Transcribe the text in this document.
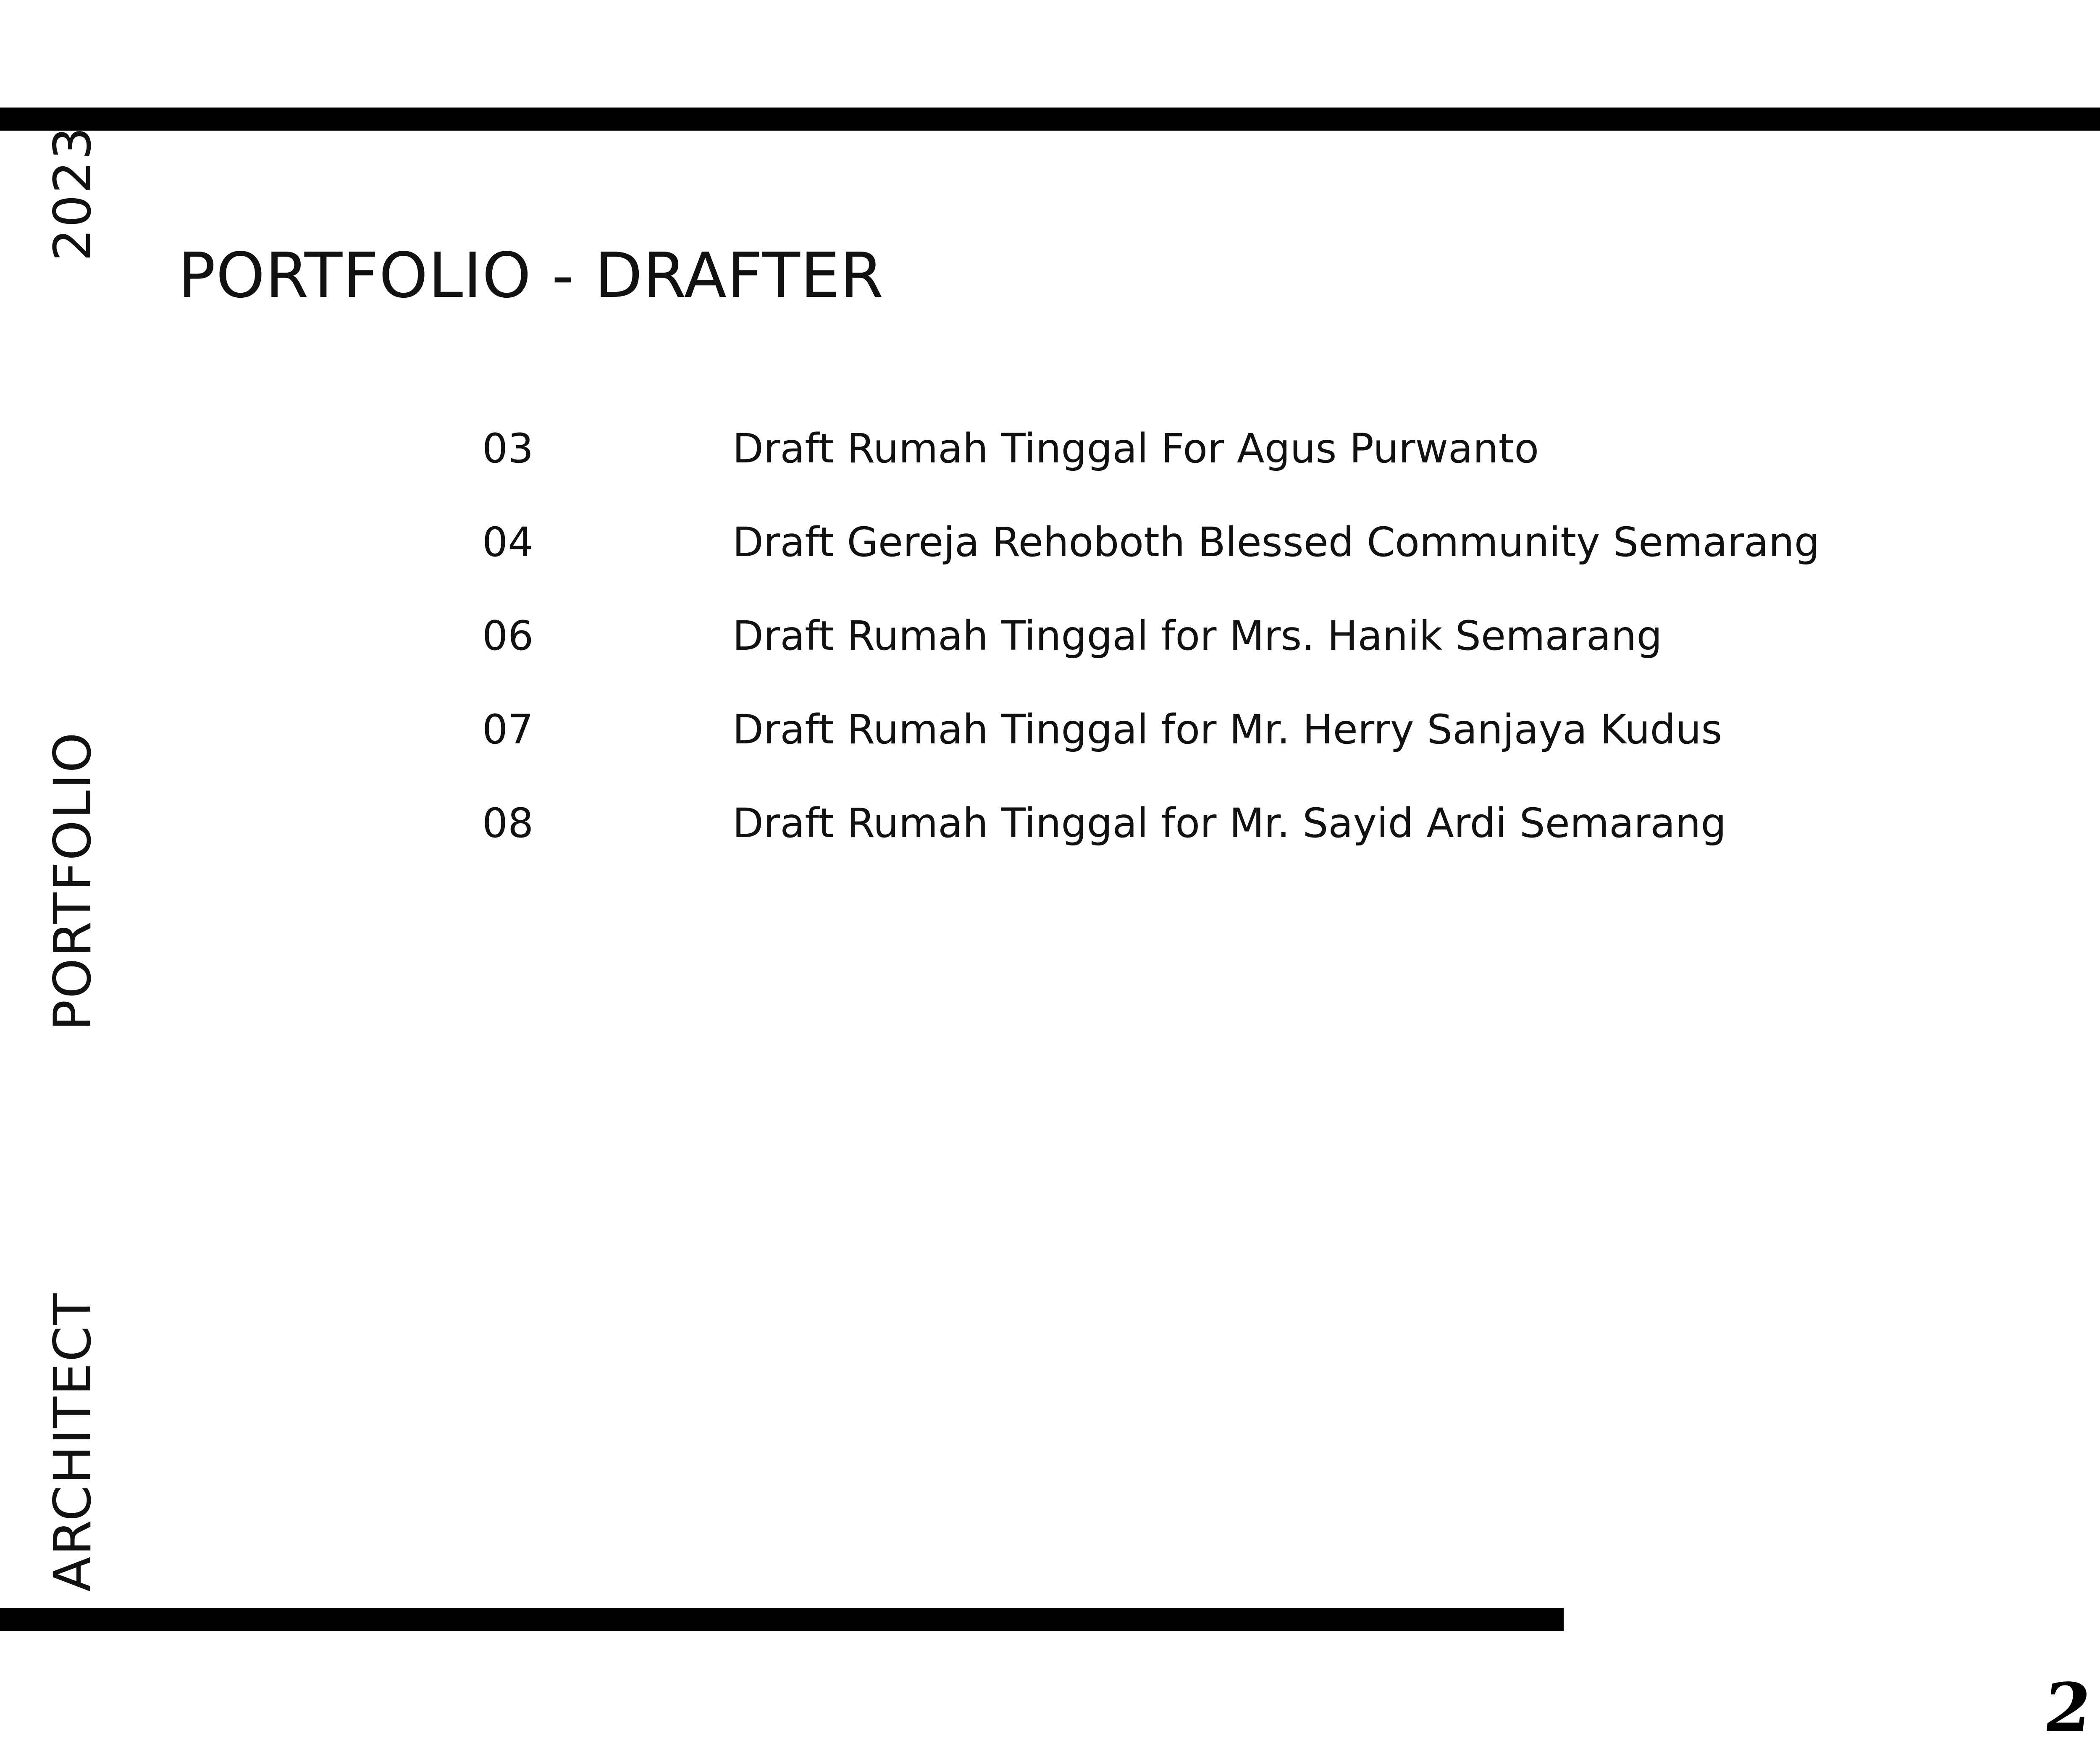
2023
PORTFOLIO
ARCHITECT
PORTFOLIO - DRAFTER
03	Draft Rumah Tinggal For Agus Purwanto
04	Draft Gereja Rehoboth Blessed Community Semarang
06	Draft Rumah Tinggal for Mrs. Hanik Semarang
07	Draft Rumah Tinggal for Mr. Herry Sanjaya Kudus
08	Draft Rumah Tinggal for Mr. Sayid Ardi Semarang
2
